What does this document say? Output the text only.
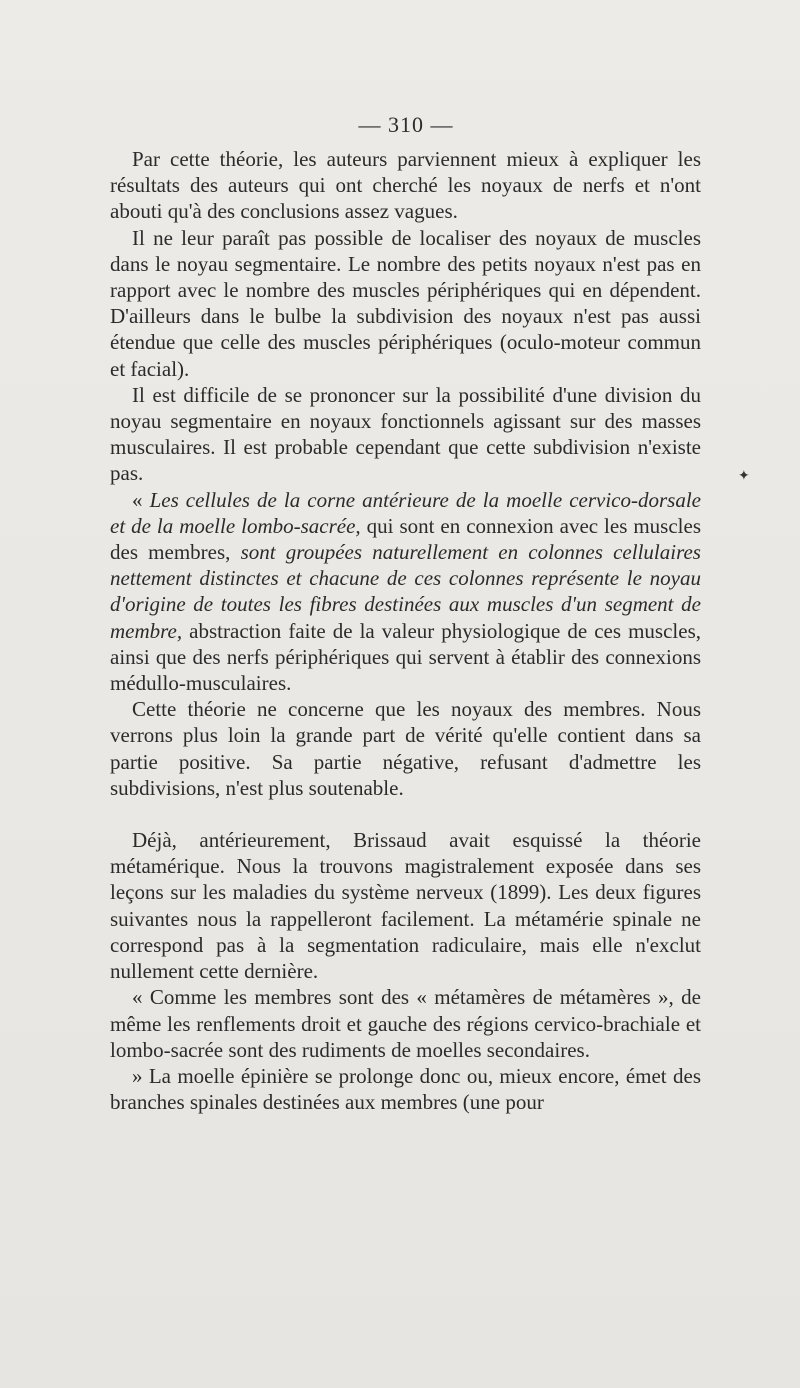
— 310 —
✦

Par cette théorie, les auteurs parviennent mieux à expliquer les résultats des auteurs qui ont cherché les noyaux de nerfs et n'ont abouti qu'à des conclusions assez vagues.

Il ne leur paraît pas possible de localiser des noyaux de muscles dans le noyau segmentaire. Le nombre des petits noyaux n'est pas en rapport avec le nombre des muscles périphériques qui en dépendent. D'ailleurs dans le bulbe la subdivision des noyaux n'est pas aussi étendue que celle des muscles périphériques (oculo-moteur commun et facial).

Il est difficile de se prononcer sur la possibilité d'une division du noyau segmentaire en noyaux fonctionnels agissant sur des masses musculaires. Il est probable cependant que cette subdivision n'existe pas.

« Les cellules de la corne antérieure de la moelle cervico-dorsale et de la moelle lombo-sacrée, qui sont en connexion avec les muscles des membres, sont groupées naturellement en colonnes cellulaires nettement distinctes et chacune de ces colonnes représente le noyau d'origine de toutes les fibres destinées aux muscles d'un segment de membre, abstraction faite de la valeur physiologique de ces muscles, ainsi que des nerfs périphériques qui servent à établir des connexions médullo-musculaires.

Cette théorie ne concerne que les noyaux des membres. Nous verrons plus loin la grande part de vérité qu'elle contient dans sa partie positive. Sa partie négative, refusant d'admettre les subdivisions, n'est plus soutenable.

Déjà, antérieurement, Brissaud avait esquissé la théorie métamérique. Nous la trouvons magistralement exposée dans ses leçons sur les maladies du système nerveux (1899). Les deux figures suivantes nous la rappelleront facilement. La métamérie spinale ne correspond pas à la segmentation radiculaire, mais elle n'exclut nullement cette dernière.

« Comme les membres sont des « métamères de métamères », de même les renflements droit et gauche des régions cervico-brachiale et lombo-sacrée sont des rudiments de moelles secondaires.

» La moelle épinière se prolonge donc ou, mieux encore, émet des branches spinales destinées aux membres (une pour
